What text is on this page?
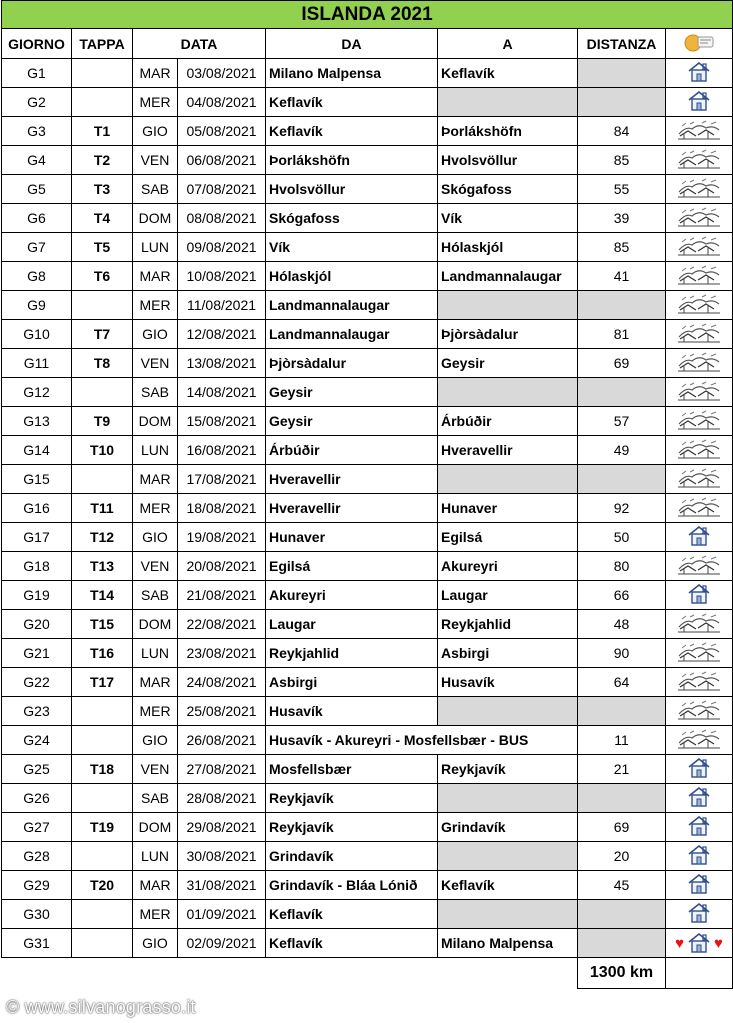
ISLANDA 2021							
GIORNO	TAPPA	DATA		DA	A	DISTANZA	
G1		MAR	03/08/2021	Milano Malpensa	Keflavík		
G2		MER	04/08/2021	Keflavík			
G3	T1	GIO	05/08/2021	Keflavík	Þorlákshöfn	84	
G4	T2	VEN	06/08/2021	Þorlákshöfn	Hvolsvöllur	85	
G5	T3	SAB	07/08/2021	Hvolsvöllur	Skógafoss	55	
G6	T4	DOM	08/08/2021	Skógafoss	Vík	39	
G7	T5	LUN	09/08/2021	Vík	Hólaskjól	85	
G8	T6	MAR	10/08/2021	Hólaskjól	Landmannalaugar	41	
G9		MER	11/08/2021	Landmannalaugar			
G10	T7	GIO	12/08/2021	Landmannalaugar	Þjòrsàdalur	81	
G11	T8	VEN	13/08/2021	Þjòrsàdalur	Geysir	69	
G12		SAB	14/08/2021	Geysir			
G13	T9	DOM	15/08/2021	Geysir	Árbúðir	57	
G14	T10	LUN	16/08/2021	Árbúðir	Hveravellir	49	
G15		MAR	17/08/2021	Hveravellir			
G16	T11	MER	18/08/2021	Hveravellir	Hunaver	92	
G17	T12	GIO	19/08/2021	Hunaver	Egilsá	50	
G18	T13	VEN	20/08/2021	Egilsá	Akureyri	80	
G19	T14	SAB	21/08/2021	Akureyri	Laugar	66	
G20	T15	DOM	22/08/2021	Laugar	Reykjahlid	48	
G21	T16	LUN	23/08/2021	Reykjahlid	Asbirgi	90	
G22	T17	MAR	24/08/2021	Asbirgi	Husavík	64	
G23		MER	25/08/2021	Husavík			
G24		GIO	26/08/2021	Husavík - Akureyri - Mosfellsbær - BUS		11	
G25	T18	VEN	27/08/2021	Mosfellsbær	Reykjavík	21	
G26		SAB	28/08/2021	Reykjavík			
G27	T19	DOM	29/08/2021	Reykjavík	Grindavík	69	
G28		LUN	30/08/2021	Grindavík		20	
G29	T20	MAR	31/08/2021	Grindavík - Bláa Lónið	Keflavík	45	
G30		MER	01/09/2021	Keflavík			
G31		GIO	02/09/2021	Keflavík	Milano Malpensa		♥ ♥

						1300 km	
© www.silvanograsso.it
